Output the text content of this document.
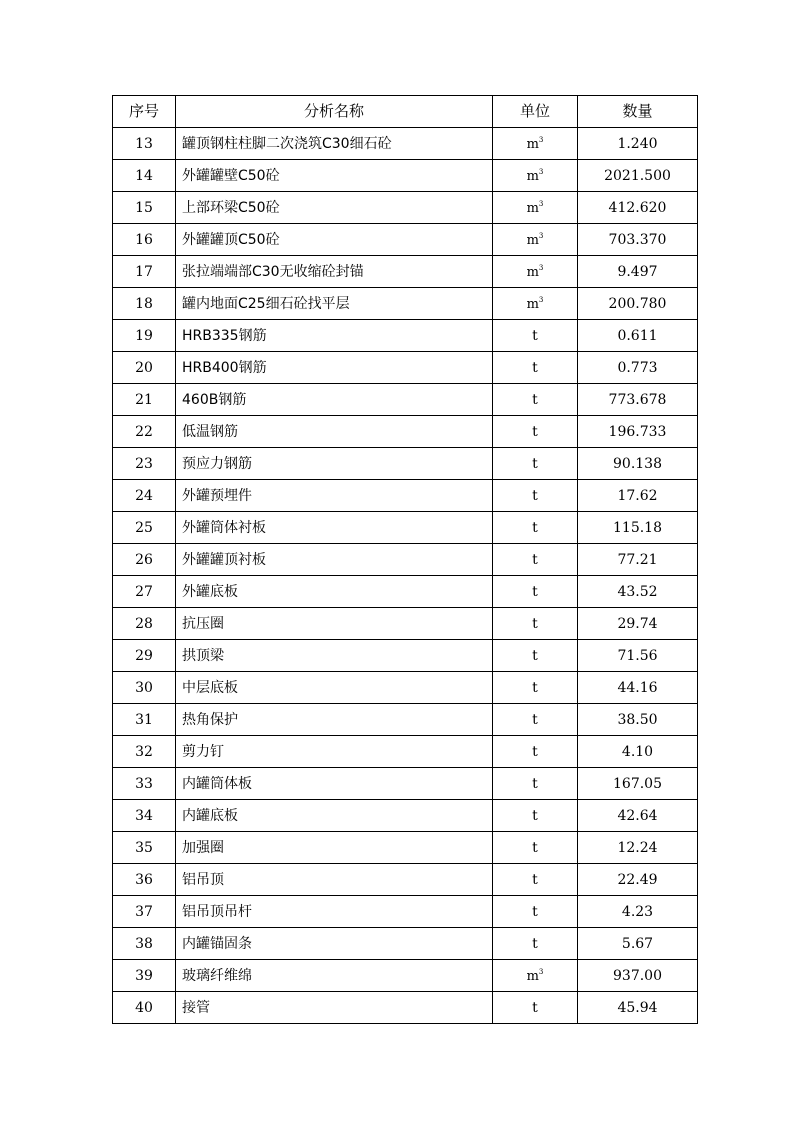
序号	分析名称	单位	数量
13	罐顶钢柱柱脚二次浇筑C30细石砼	$m^3$	1.240
14	外罐罐壁C50砼	$m^3$	2021.500
15	上部环梁C50砼	$m^3$	412.620
16	外罐罐顶C50砼	$m^3$	703.370
17	张拉端端部C30无收缩砼封锚	$m^3$	9.497
18	罐内地面C25细石砼找平层	$m^3$	200.780
19	HRB335钢筋	t	0.611
20	HRB400钢筋	t	0.773
21	460B钢筋	t	773.678
22	低温钢筋	t	196.733
23	预应力钢筋	t	90.138
24	外罐预埋件	t	17.62
25	外罐筒体衬板	t	115.18
26	外罐罐顶衬板	t	77.21
27	外罐底板	t	43.52
28	抗压圈	t	29.74
29	拱顶梁	t	71.56
30	中层底板	t	44.16
31	热角保护	t	38.50
32	剪力钉	t	4.10
33	内罐筒体板	t	167.05
34	内罐底板	t	42.64
35	加强圈	t	12.24
36	铝吊顶	t	22.49
37	铝吊顶吊杆	t	4.23
38	内罐锚固条	t	5.67
39	玻璃纤维绵	$m^3$	937.00
40	接管	t	45.94
